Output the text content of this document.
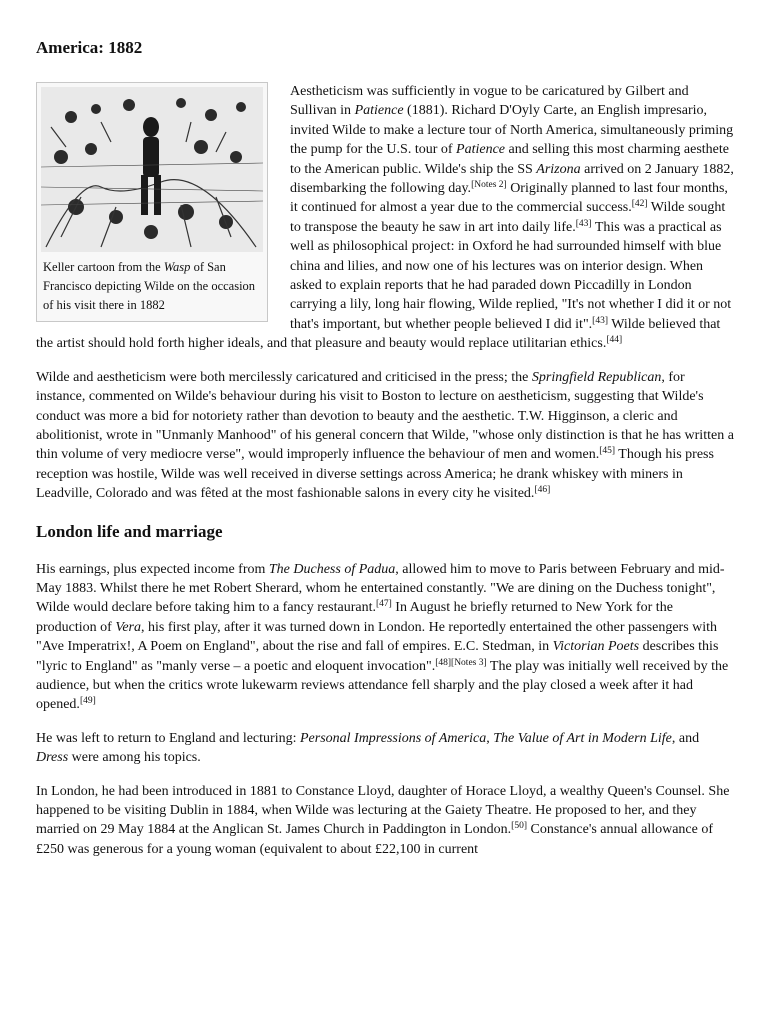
America: 1882
Keller cartoon from the Wasp of San Francisco depicting Wilde on the occasion of his visit there in 1882

Aestheticism was sufficiently in vogue to be caricatured by Gilbert and Sullivan in Patience (1881). Richard D'Oyly Carte, an English impresario, invited Wilde to make a lecture tour of North America, simultaneously priming the pump for the U.S. tour of Patience and selling this most charming aesthete to the American public. Wilde's ship the SS Arizona arrived on 2 January 1882, disembarking the following day.[Notes 2] Originally planned to last four months, it continued for almost a year due to the commercial success.[42] Wilde sought to transpose the beauty he saw in art into daily life.[43] This was a practical as well as philosophical project: in Oxford he had surrounded himself with blue china and lilies, and now one of his lectures was on interior design. When asked to explain reports that he had paraded down Piccadilly in London carrying a lily, long hair flowing, Wilde replied, "It's not whether I did it or not that's important, but whether people believed I did it".[43] Wilde believed that the artist should hold forth higher ideals, and that pleasure and beauty would replace utilitarian ethics.[44]

Wilde and aestheticism were both mercilessly caricatured and criticised in the press; the Springfield Republican, for instance, commented on Wilde's behaviour during his visit to Boston to lecture on aestheticism, suggesting that Wilde's conduct was more a bid for notoriety rather than devotion to beauty and the aesthetic. T.W. Higginson, a cleric and abolitionist, wrote in "Unmanly Manhood" of his general concern that Wilde, "whose only distinction is that he has written a thin volume of very mediocre verse", would improperly influence the behaviour of men and women.[45] Though his press reception was hostile, Wilde was well received in diverse settings across America; he drank whiskey with miners in Leadville, Colorado and was fêted at the most fashionable salons in every city he visited.[46]

London life and marriage

His earnings, plus expected income from The Duchess of Padua, allowed him to move to Paris between February and mid-May 1883. Whilst there he met Robert Sherard, whom he entertained constantly. "We are dining on the Duchess tonight", Wilde would declare before taking him to a fancy restaurant.[47] In August he briefly returned to New York for the production of Vera, his first play, after it was turned down in London. He reportedly entertained the other passengers with "Ave Imperatrix!, A Poem on England", about the rise and fall of empires. E.C. Stedman, in Victorian Poets describes this "lyric to England" as "manly verse – a poetic and eloquent invocation".[48][Notes 3] The play was initially well received by the audience, but when the critics wrote lukewarm reviews attendance fell sharply and the play closed a week after it had opened.[49]

He was left to return to England and lecturing: Personal Impressions of America, The Value of Art in Modern Life, and Dress were among his topics.

In London, he had been introduced in 1881 to Constance Lloyd, daughter of Horace Lloyd, a wealthy Queen's Counsel. She happened to be visiting Dublin in 1884, when Wilde was lecturing at the Gaiety Theatre. He proposed to her, and they married on 29 May 1884 at the Anglican St. James Church in Paddington in London.[50] Constance's annual allowance of £250 was generous for a young woman (equivalent to about £22,100 in current
